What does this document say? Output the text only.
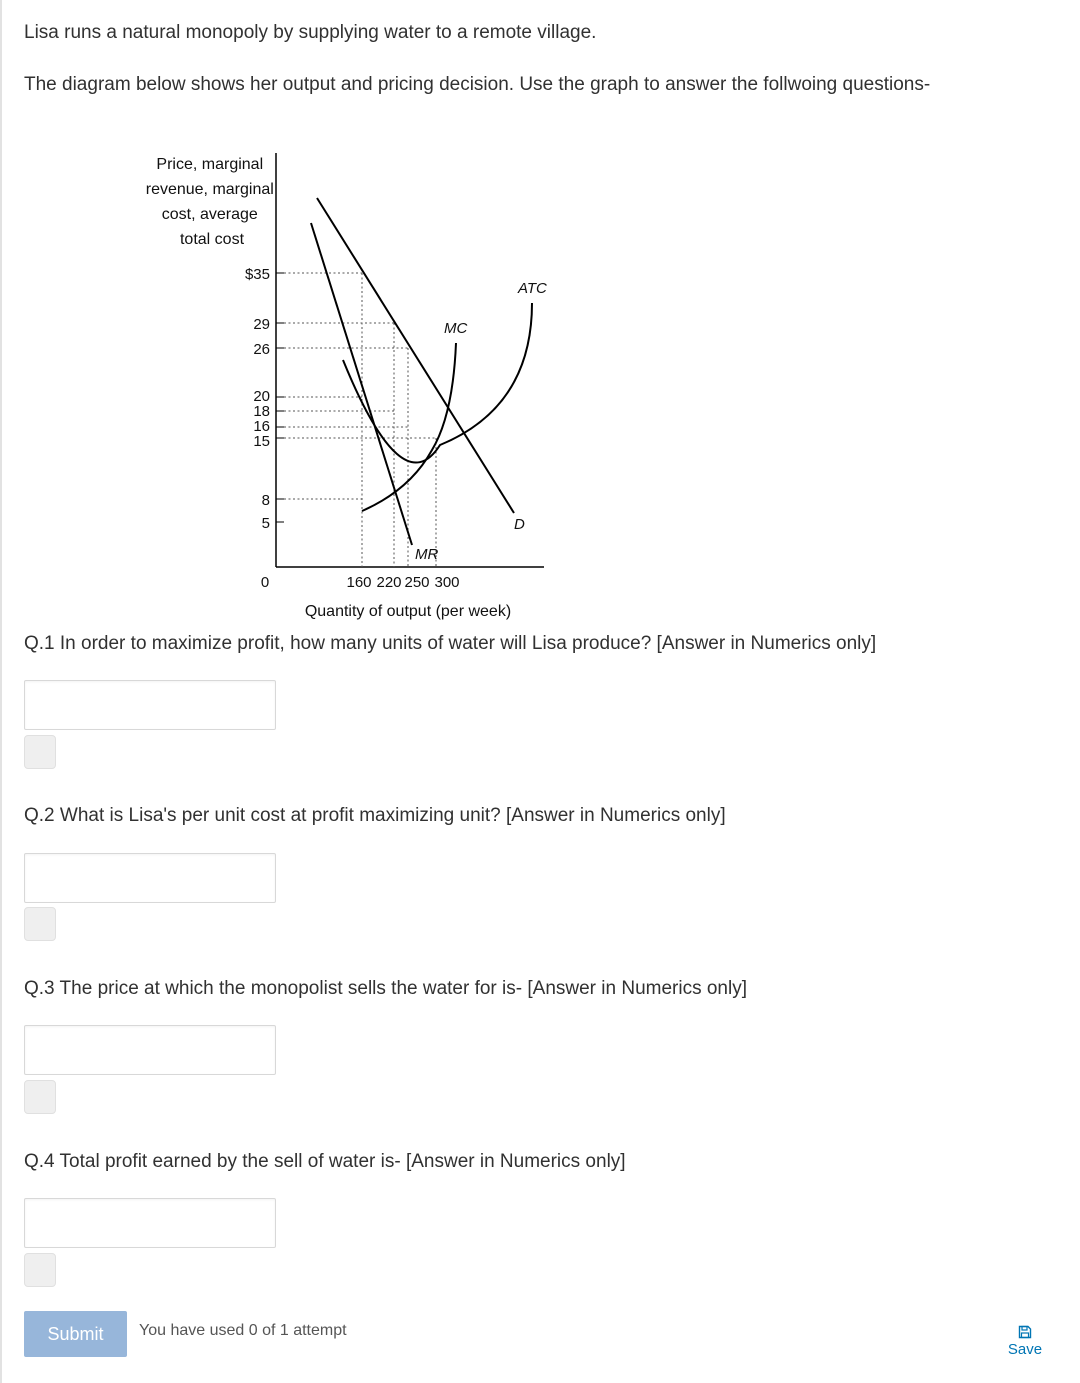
Lisa runs a natural monopoly by supplying water to a remote village.

The diagram below shows her output and pricing decision. Use the graph to answer the follwoing questions-

Price, marginal revenue, marginal cost, average total cost
$35
29
26
20
18
16
15
8
5
0	160 220 250 300
Quantity of output (per week)
ATC
MC
D
MR

Q.1 In order to maximize profit, how many units of water will Lisa produce? [Answer in Numerics only]

Q.2 What is Lisa's per unit cost at profit maximizing unit? [Answer in Numerics only]

Q.3 The price at which the monopolist sells the water for is- [Answer in Numerics only]

Q.4 Total profit earned by the sell of water is- [Answer in Numerics only]

Submit	You have used 0 of 1 attempt
Save
